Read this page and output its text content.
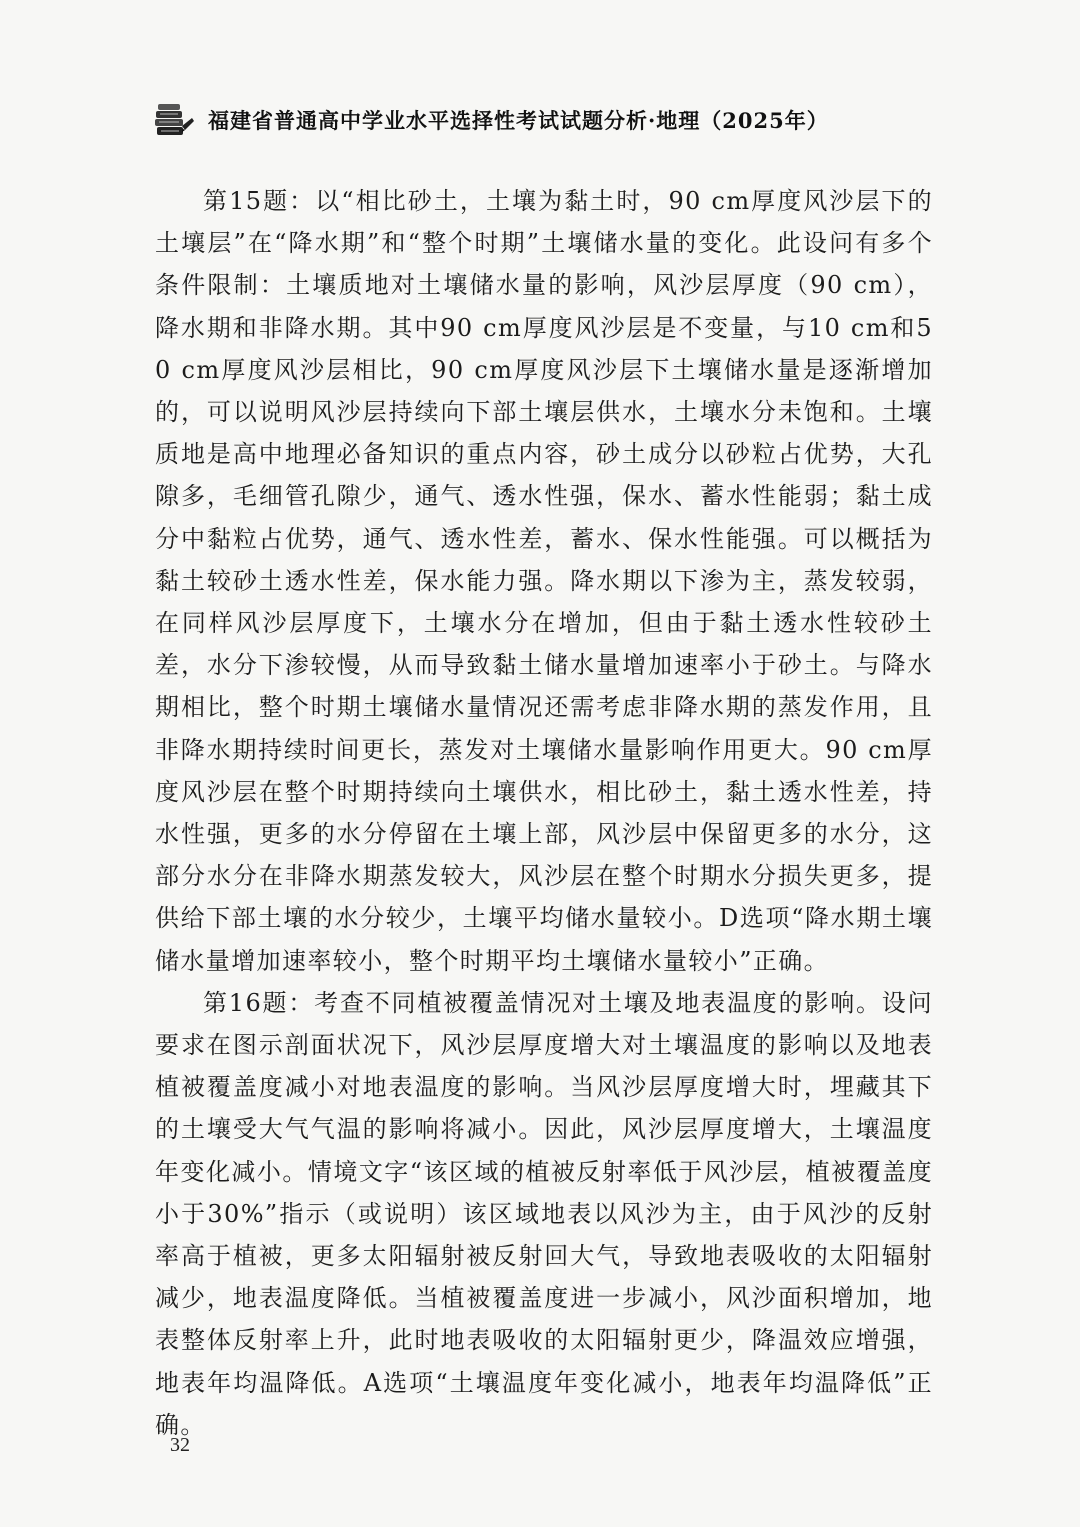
福建省普通高中学业水平选择性考试试题分析·地理（2025年）

第15题：以“相比砂土，土壤为黏土时，90 cm厚度风沙层下的土壤层”在“降水期”和“整个时期”土壤储水量的变化。此设问有多个条件限制：土壤质地对土壤储水量的影响，风沙层厚度（90 cm），降水期和非降水期。其中90 cm厚度风沙层是不变量，与10 cm和50 cm厚度风沙层相比，90 cm厚度风沙层下土壤储水量是逐渐增加的，可以说明风沙层持续向下部土壤层供水，土壤水分未饱和。土壤质地是高中地理必备知识的重点内容，砂土成分以砂粒占优势，大孔隙多，毛细管孔隙少，通气、透水性强，保水、蓄水性能弱；黏土成分中黏粒占优势，通气、透水性差，蓄水、保水性能强。可以概括为黏土较砂土透水性差，保水能力强。降水期以下渗为主，蒸发较弱，在同样风沙层厚度下，土壤水分在增加，但由于黏土透水性较砂土差，水分下渗较慢，从而导致黏土储水量增加速率小于砂土。与降水期相比，整个时期土壤储水量情况还需考虑非降水期的蒸发作用，且非降水期持续时间更长，蒸发对土壤储水量影响作用更大。90 cm厚度风沙层在整个时期持续向土壤供水，相比砂土，黏土透水性差，持水性强，更多的水分停留在土壤上部，风沙层中保留更多的水分，这部分水分在非降水期蒸发较大，风沙层在整个时期水分损失更多，提供给下部土壤的水分较少，土壤平均储水量较小。D选项“降水期土壤储水量增加速率较小，整个时期平均土壤储水量较小”正确。

第16题：考查不同植被覆盖情况对土壤及地表温度的影响。设问要求在图示剖面状况下，风沙层厚度增大对土壤温度的影响以及地表植被覆盖度减小对地表温度的影响。当风沙层厚度增大时，埋藏其下的土壤受大气气温的影响将减小。因此，风沙层厚度增大，土壤温度年变化减小。情境文字“该区域的植被反射率低于风沙层，植被覆盖度小于30%”指示（或说明）该区域地表以风沙为主，由于风沙的反射率高于植被，更多太阳辐射被反射回大气，导致地表吸收的太阳辐射减少，地表温度降低。当植被覆盖度进一步减小，风沙面积增加，地表整体反射率上升，此时地表吸收的太阳辐射更少，降温效应增强，地表年均温降低。A选项“土壤温度年变化减小，地表年均温降低”正确。

32
